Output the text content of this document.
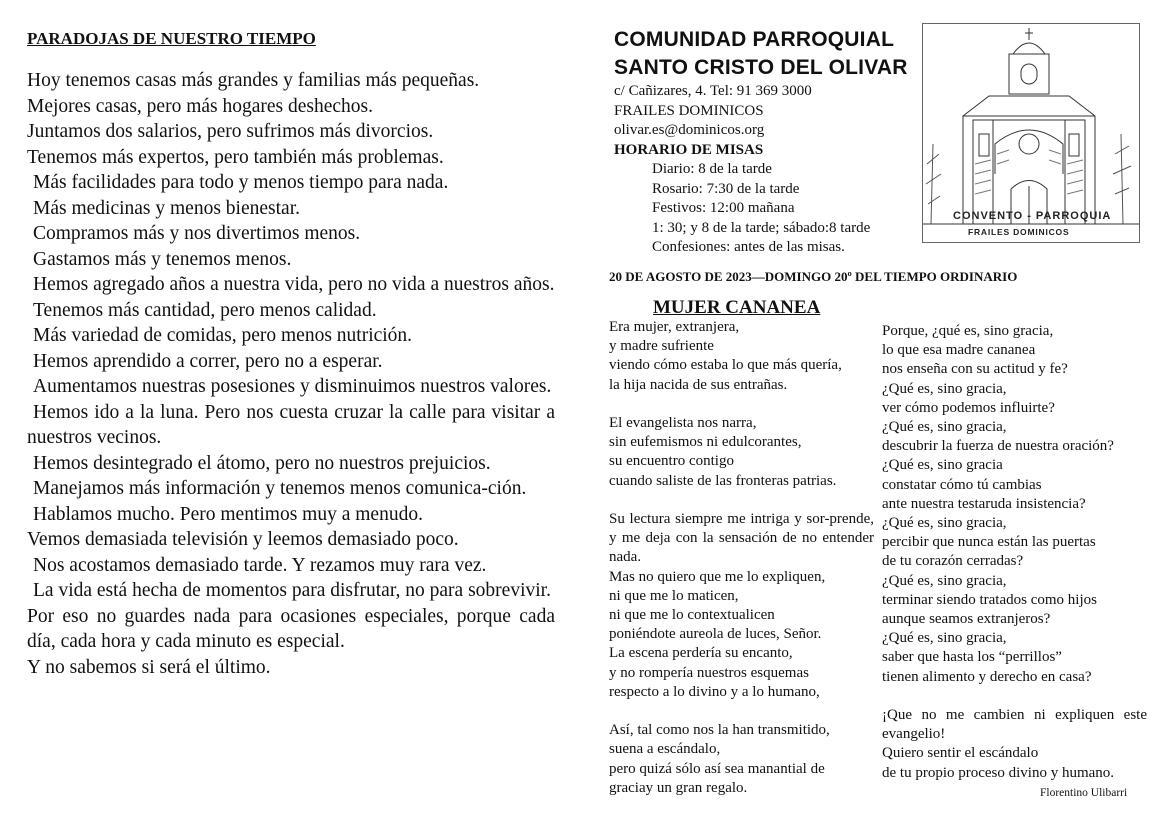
PARADOJAS DE NUESTRO TIEMPO
Hoy tenemos casas más grandes y familias más pequeñas.
Mejores casas, pero más hogares deshechos.
Juntamos dos salarios, pero sufrimos más divorcios.
Tenemos más expertos, pero también más problemas.
Más facilidades para todo y menos tiempo para nada.
Más medicinas y menos bienestar.
Compramos más y nos divertimos menos.
Gastamos más y tenemos menos.
Hemos agregado años a nuestra vida, pero no vida a nuestros años.
Tenemos más cantidad, pero menos calidad.
Más variedad de comidas, pero menos nutrición.
Hemos aprendido a correr, pero no a esperar.
Aumentamos nuestras posesiones y disminuimos nuestros valores.
Hemos ido a la luna. Pero nos cuesta cruzar la calle para visitar a nuestros vecinos.
Hemos desintegrado el átomo, pero no nuestros prejuicios.
Manejamos más información y tenemos menos comunica-ción.
Hablamos mucho. Pero mentimos muy a menudo.
Vemos demasiada televisión y leemos demasiado poco.
Nos acostamos demasiado tarde. Y rezamos muy rara vez.
La vida está hecha de momentos para disfrutar, no para sobrevivir.
Por eso no guardes nada para ocasiones especiales, porque cada día, cada hora y cada minuto es especial.
Y no sabemos si será el último.
COMUNIDAD PARROQUIAL
SANTO CRISTO DEL OLIVAR
c/ Cañizares, 4. Tel: 91 369 3000
FRAILES DOMINICOS
olivar.es@dominicos.org
HORARIO DE MISAS
Diario: 8 de la tarde
Rosario: 7:30 de la tarde
Festivos: 12:00 mañana
1: 30; y 8 de la tarde; sábado:8 tarde
Confesiones: antes de las misas.
CONVENTO - PARROQUIA
FRAILES DOMINICOS
20 DE AGOSTO DE 2023—DOMINGO 20º DEL TIEMPO ORDINARIO
MUJER CANANEA
Era mujer, extranjera,
y madre sufriente
viendo cómo estaba lo que más quería,
la hija nacida de sus entrañas.
El evangelista nos narra,
sin eufemismos ni edulcorantes,
su encuentro contigo
cuando saliste de las fronteras patrias.
Su lectura siempre me intriga y sor-prende, y me deja con la sensación de no entender nada.
Mas no quiero que me lo expliquen,
ni que me lo maticen,
ni que me lo contextualicen
poniéndote aureola de luces, Señor.
La escena perdería su encanto,
y no rompería nuestros esquemas
respecto a lo divino y a lo humano,
Así, tal como nos la han transmitido,
suena a escándalo,
pero quizá sólo así sea manantial de
graciay un gran regalo.
Porque, ¿qué es, sino gracia,
lo que esa madre cananea
nos enseña con su actitud y fe?
¿Qué es, sino gracia,
ver cómo podemos influirte?
¿Qué es, sino gracia,
descubrir la fuerza de nuestra oración?
¿Qué es, sino gracia
constatar cómo tú cambias
ante nuestra testaruda insistencia?
¿Qué es, sino gracia,
percibir que nunca están las puertas
de tu corazón cerradas?
¿Qué es, sino gracia,
terminar siendo tratados como hijos
aunque seamos extranjeros?
¿Qué es, sino gracia,
saber que hasta los “perrillos”
tienen alimento y derecho en casa?
¡Que no me cambien ni expliquen este evangelio!
Quiero sentir el escándalo
de tu propio proceso divino y humano.
Florentino Ulibarri
